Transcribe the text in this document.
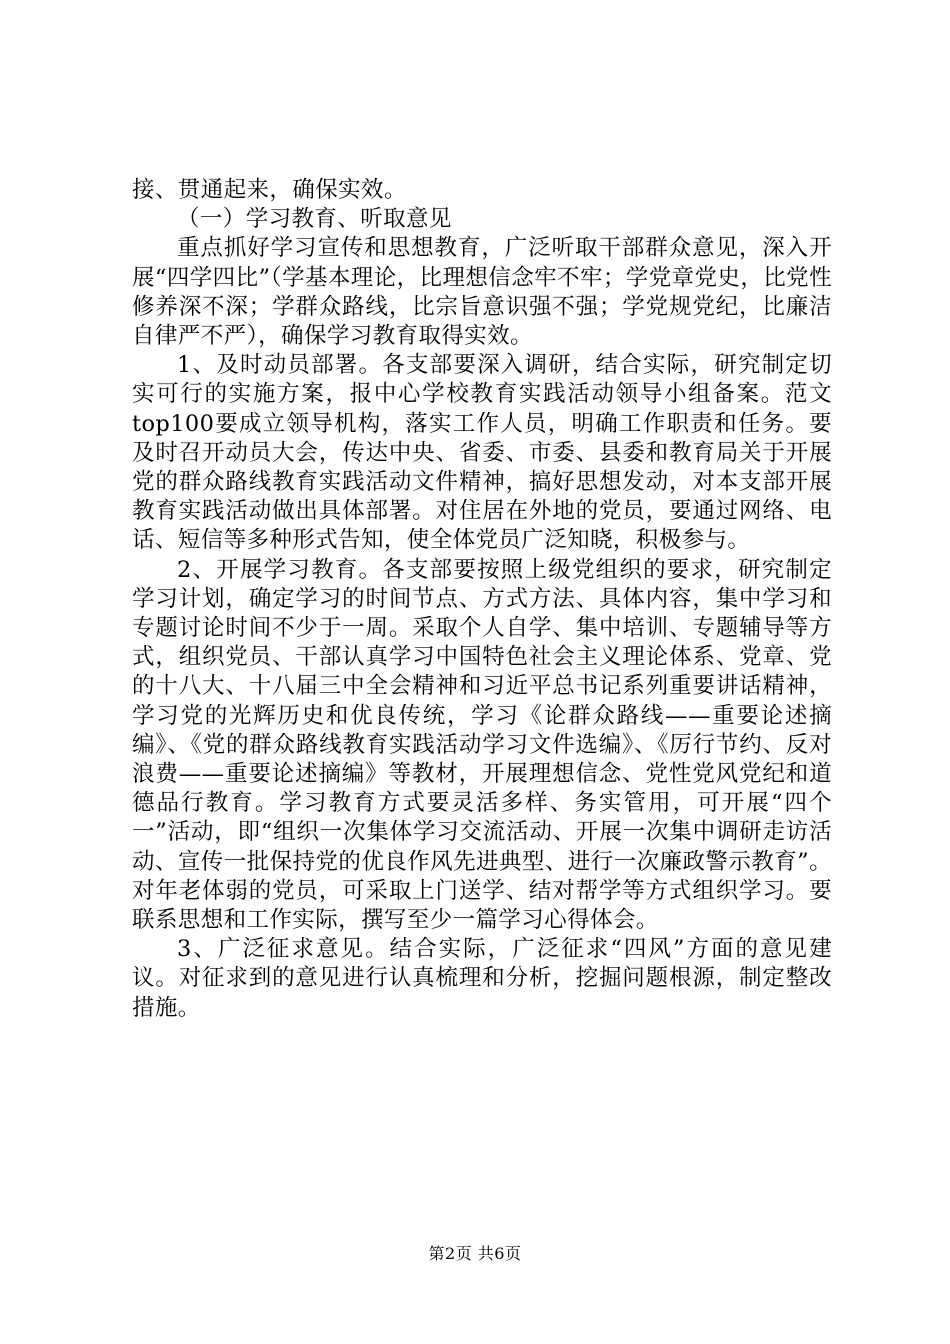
接、贯通起来，确保实效。

（一）学习教育、听取意见

重点抓好学习宣传和思想教育，广泛听取干部群众意见，深入开展“四学四比”（学基本理论，比理想信念牢不牢；学党章党史，比党性修养深不深；学群众路线，比宗旨意识强不强；学党规党纪，比廉洁自律严不严），确保学习教育取得实效。

1、及时动员部署。各支部要深入调研，结合实际，研究制定切实可行的实施方案，报中心学校教育实践活动领导小组备案。范文top100要成立领导机构，落实工作人员，明确工作职责和任务。要及时召开动员大会，传达中央、省委、市委、县委和教育局关于开展党的群众路线教育实践活动文件精神，搞好思想发动，对本支部开展教育实践活动做出具体部署。对住居在外地的党员，要通过网络、电话、短信等多种形式告知，使全体党员广泛知晓，积极参与。

2、开展学习教育。各支部要按照上级党组织的要求，研究制定学习计划，确定学习的时间节点、方式方法、具体内容，集中学习和专题讨论时间不少于一周。采取个人自学、集中培训、专题辅导等方式，组织党员、干部认真学习中国特色社会主义理论体系、党章、党的十八大、十八届三中全会精神和习近平总书记系列重要讲话精神，学习党的光辉历史和优良传统，学习《论群众路线——重要论述摘编》、《党的群众路线教育实践活动学习文件选编》、《厉行节约、反对浪费——重要论述摘编》等教材，开展理想信念、党性党风党纪和道德品行教育。学习教育方式要灵活多样、务实管用，可开展“四个一”活动，即“组织一次集体学习交流活动、开展一次集中调研走访活动、宣传一批保持党的优良作风先进典型、进行一次廉政警示教育”。对年老体弱的党员，可采取上门送学、结对帮学等方式组织学习。要联系思想和工作实际，撰写至少一篇学习心得体会。

3、广泛征求意见。结合实际，广泛征求“四风”方面的意见建议。对征求到的意见进行认真梳理和分析，挖掘问题根源，制定整改措施。

第2页 共6页
